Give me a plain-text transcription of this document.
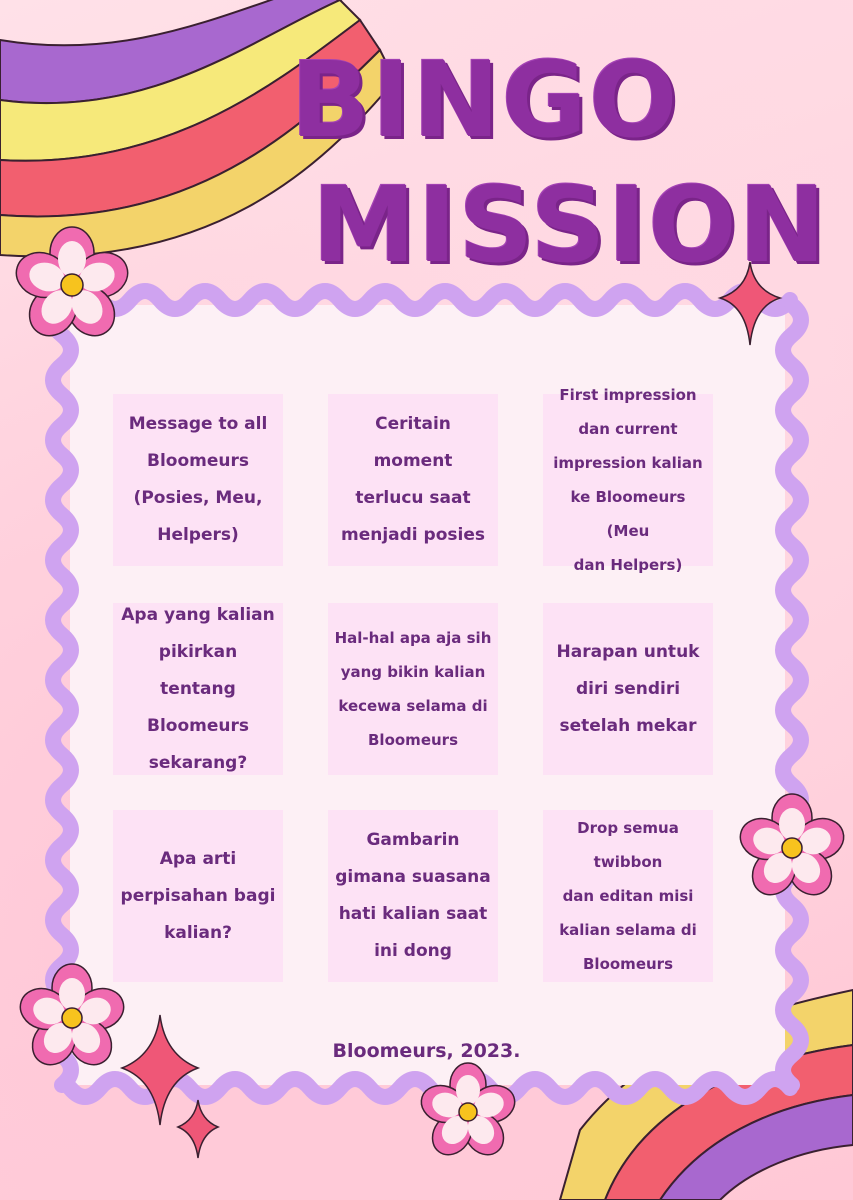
BINGO
MISSION
Message to all
Bloomeurs
(Posies, Meu,
Helpers)
Ceritain moment
terlucu saat
menjadi posies
First impression
dan current
impression kalian
ke Bloomeurs (Meu
dan Helpers)
Apa yang kalian
pikirkan tentang
Bloomeurs
sekarang?
Hal-hal apa aja sih
yang bikin kalian
kecewa selama di
Bloomeurs
Harapan untuk
diri sendiri
setelah mekar
Apa arti
perpisahan bagi
kalian?
Gambarin
gimana suasana
hati kalian saat
ini dong
Drop semua twibbon
dan editan misi
kalian selama di
Bloomeurs
Bloomeurs, 2023.
